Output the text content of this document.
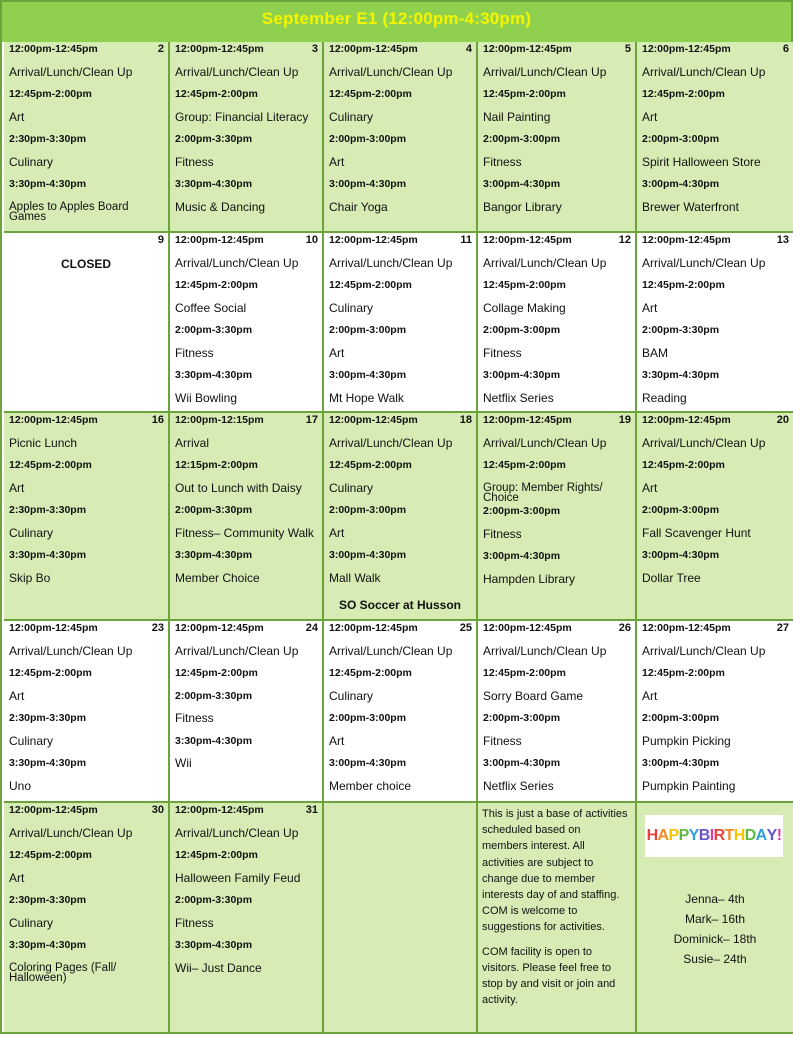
September E1 (12:00pm-4:30pm)
2
12:00pm-12:45pm
Arrival/Lunch/Clean Up
12:45pm-2:00pm
Art
2:30pm-3:30pm
Culinary
3:30pm-4:30pm
Apples to Apples Board Games
3
12:00pm-12:45pm
Arrival/Lunch/Clean Up
12:45pm-2:00pm
Group: Financial Literacy
2:00pm-3:30pm
Fitness
3:30pm-4:30pm
Music & Dancing
4
12:00pm-12:45pm
Arrival/Lunch/Clean Up
12:45pm-2:00pm
Culinary
2:00pm-3:00pm
Art
3:00pm-4:30pm
Chair Yoga
5
12:00pm-12:45pm
Arrival/Lunch/Clean Up
12:45pm-2:00pm
Nail Painting
2:00pm-3:00pm
Fitness
3:00pm-4:30pm
Bangor Library
6
12:00pm-12:45pm
Arrival/Lunch/Clean Up
12:45pm-2:00pm
Art
2:00pm-3:00pm
Spirit Halloween Store
3:00pm-4:30pm
Brewer Waterfront
9
CLOSED
10
12:00pm-12:45pm
Arrival/Lunch/Clean Up
12:45pm-2:00pm
Coffee Social
2:00pm-3:30pm
Fitness
3:30pm-4:30pm
Wii Bowling
11
12:00pm-12:45pm
Arrival/Lunch/Clean Up
12:45pm-2:00pm
Culinary
2:00pm-3:00pm
Art
3:00pm-4:30pm
Mt Hope Walk
12
12:00pm-12:45pm
Arrival/Lunch/Clean Up
12:45pm-2:00pm
Collage Making
2:00pm-3:00pm
Fitness
3:00pm-4:30pm
Netflix Series
13
12:00pm-12:45pm
Arrival/Lunch/Clean Up
12:45pm-2:00pm
Art
2:00pm-3:30pm
BAM
3:30pm-4:30pm
Reading
16
12:00pm-12:45pm
Picnic Lunch
12:45pm-2:00pm
Art
2:30pm-3:30pm
Culinary
3:30pm-4:30pm
Skip Bo
17
12:00pm-12:15pm
Arrival
12:15pm-2:00pm
Out to Lunch with Daisy
2:00pm-3:30pm
Fitness– Community Walk
3:30pm-4:30pm
Member Choice
18
12:00pm-12:45pm
Arrival/Lunch/Clean Up
12:45pm-2:00pm
Culinary
2:00pm-3:00pm
Art
3:00pm-4:30pm
Mall Walk
SO Soccer at Husson
19
12:00pm-12:45pm
Arrival/Lunch/Clean Up
12:45pm-2:00pm
Group: Member Rights/ Choice
2:00pm-3:00pm
Fitness
3:00pm-4:30pm
Hampden Library
20
12:00pm-12:45pm
Arrival/Lunch/Clean Up
12:45pm-2:00pm
Art
2:00pm-3:00pm
Fall Scavenger Hunt
3:00pm-4:30pm
Dollar Tree
23
12:00pm-12:45pm
Arrival/Lunch/Clean Up
12:45pm-2:00pm
Art
2:30pm-3:30pm
Culinary
3:30pm-4:30pm
Uno
24
12:00pm-12:45pm
Arrival/Lunch/Clean Up
12:45pm-2:00pm
2:00pm-3:30pm
Fitness
3:30pm-4:30pm
Wii
25
12:00pm-12:45pm
Arrival/Lunch/Clean Up
12:45pm-2:00pm
Culinary
2:00pm-3:00pm
Art
3:00pm-4:30pm
Member choice
26
12:00pm-12:45pm
Arrival/Lunch/Clean Up
12:45pm-2:00pm
Sorry Board Game
2:00pm-3:00pm
Fitness
3:00pm-4:30pm
Netflix Series
27
12:00pm-12:45pm
Arrival/Lunch/Clean Up
12:45pm-2:00pm
Art
2:00pm-3:00pm
Pumpkin Picking
3:00pm-4:30pm
Pumpkin Painting
30
12:00pm-12:45pm
Arrival/Lunch/Clean Up
12:45pm-2:00pm
Art
2:30pm-3:30pm
Culinary
3:30pm-4:30pm
Coloring Pages (Fall/ Halloween)
31
12:00pm-12:45pm
Arrival/Lunch/Clean Up
12:45pm-2:00pm
Halloween Family Feud
2:00pm-3:30pm
Fitness
3:30pm-4:30pm
Wii– Just Dance

This is just a base of activities scheduled based on members interest. All activities are subject to change due to member interests day of and staffing. COM is welcome to suggestions for activities.

COM facility is open to visitors. Please feel free to stop by and visit or join and activity.

HAPPYBIRTHDAY!
Jenna– 4th
Mark– 16th
Dominick– 18th
Susie– 24th
